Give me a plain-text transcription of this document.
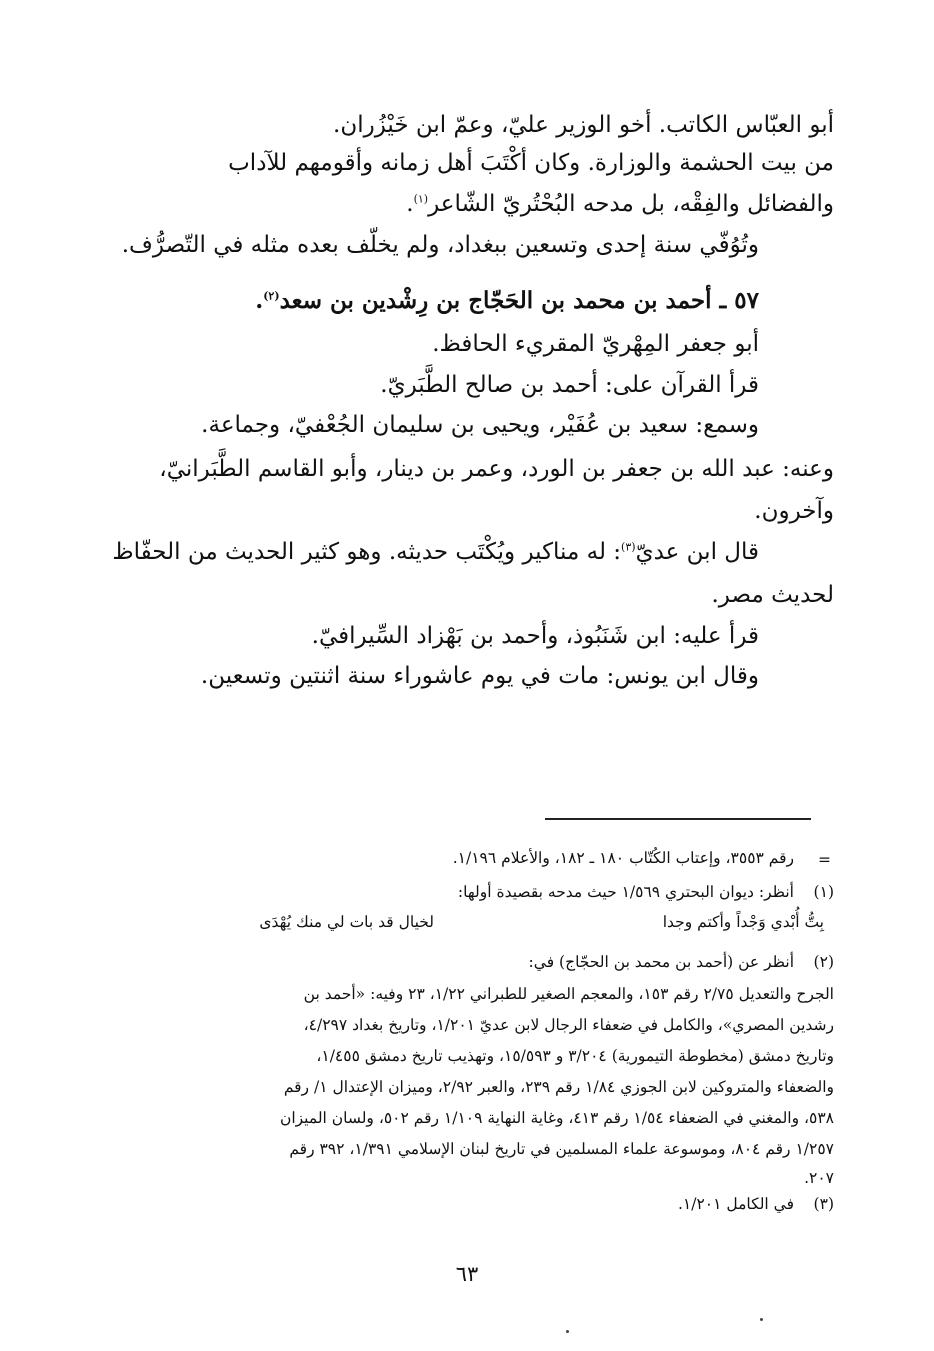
أبو العبّاس الكاتب. أخو الوزير عليّ، وعمّ ابن خَيْزُران.
من بيت الحشمة والوزارة. وكان أكْتَبَ أهل زمانه وأقومهم للآداب
والفضائل والفِقْه، بل مدحه البُحْتُريّ الشّاعر$^{(١)}$.
وتُوُفّي سنة إحدى وتسعين ببغداد، ولم يخلّف بعده مثله في التّصرُّف.
٥٧ ـ أحمد بن محمد بن الحَجّاج بن رِشْدين بن سعد$^{(٢)}$.
أبو جعفر المِهْريّ المقريء الحافظ.
قرأ القرآن على: أحمد بن صالح الطَّبَريّ.
وسمع: سعيد بن عُفَيْر، ويحيى بن سليمان الجُعْفيّ، وجماعة.
وعنه: عبد الله بن جعفر بن الورد، وعمر بن دينار، وأبو القاسم الطَّبَرانيّ،
وآخرون.
قال ابن عديّ$^{(٣)}$: له مناكير ويُكْتَب حديثه. وهو كثير الحديث من الحفّاظ
لحديث مصر.
قرأ عليه: ابن شَنَبُوذ، وأحمد بن بَهْزاد السِّيرافيّ.
وقال ابن يونس: مات في يوم عاشوراء سنة اثنتين وتسعين.
=
رقم ٣٥٥٣، وإعتاب الكُتّاب ١٨٠ ـ ١٨٢، والأعلام ١/١٩٦.
(١)
أنظر: ديوان البحتري ١/٥٦٩ حيث مدحه بقصيدة أولها:
بِتُّ أُبْدي وَجْداً وأكتم وجدا
لخيال قد بات لي منك يُهْدَى
(٢)
أنظر عن (أحمد بن محمد بن الحجّاج) في:
الجرح والتعديل ٢/٧٥ رقم ١٥٣، والمعجم الصغير للطبراني ١/٢٢، ٢٣ وفيه: «أحمد بن
رشدين المصري»، والكامل في ضعفاء الرجال لابن عديّ ١/٢٠١، وتاريخ بغداد ٤/٢٩٧،
وتاريخ دمشق (مخطوطة التيمورية) ٣/٢٠٤ و ١٥/٥٩٣، وتهذيب تاريخ دمشق ١/٤٥٥،
والضعفاء والمتروكين لابن الجوزي ١/٨٤ رقم ٢٣٩، والعبر ٢/٩٢، وميزان الإعتدال ١/ رقم
٥٣٨، والمغني في الضعفاء ١/٥٤ رقم ٤١٣، وغاية النهاية ١/١٠٩ رقم ٥٠٢، ولسان الميزان
١/٢٥٧ رقم ٨٠٤، وموسوعة علماء المسلمين في تاريخ لبنان الإسلامي ١/٣٩١، ٣٩٢ رقم
٢٠٧.
(٣)
في الكامل ١/٢٠١.
٦٣
